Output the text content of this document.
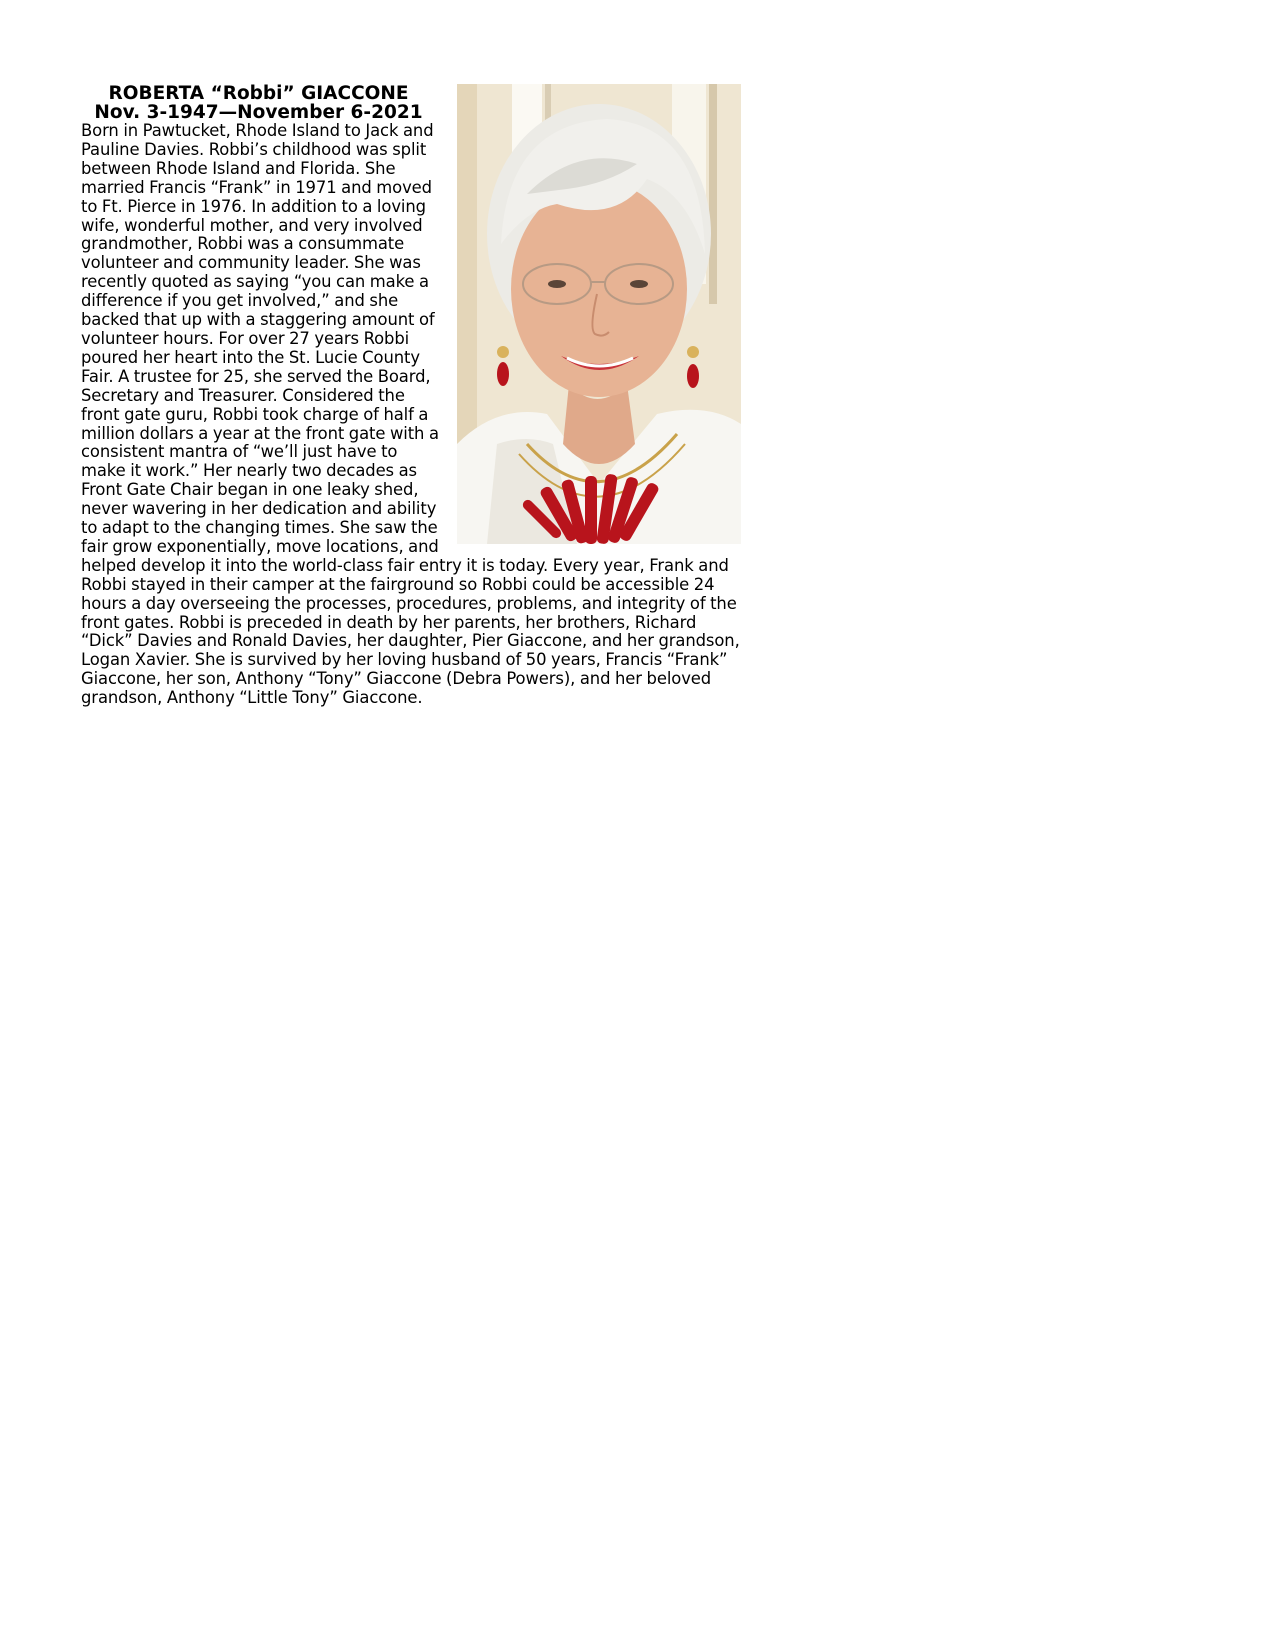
ROBERTA “Robbi” GIACCONE
Nov. 3-1947—November 6-2021

Born in Pawtucket, Rhode Island to Jack and Pauline Davies. Robbi’s childhood was split between Rhode Island and Florida. She married Francis “Frank” in 1971 and moved to Ft. Pierce in 1976. In addition to a loving wife, wonderful mother, and very involved grandmother, Robbi was a consummate volunteer and community leader. She was recently quoted as saying “you can make a difference if you get involved,” and she backed that up with a staggering amount of volunteer hours. For over 27 years Robbi poured her heart into the St. Lucie County Fair. A trustee for 25, she served the Board, Secretary and Treasurer. Considered the front gate guru, Robbi took charge of half a million dollars a year at the front gate with a consistent mantra of “we’ll just have to make it work.” Her nearly two decades as Front Gate Chair began in one leaky shed, never wavering in her dedication and ability to adapt to the changing times. She saw the fair grow exponentially, move locations, and helped develop it into the world-class fair entry it is today. Every year, Frank and Robbi stayed in their camper at the fairground so Robbi could be accessible 24 hours a day overseeing the processes, procedures, problems, and integrity of the front gates. Robbi is preceded in death by her parents, her brothers, Richard “Dick” Davies and Ronald Davies, her daughter, Pier Giaccone, and her grandson, Logan Xavier. She is survived by her loving husband of 50 years, Francis “Frank” Giaccone, her son, Anthony “Tony” Giaccone (Debra Powers), and her beloved grandson, Anthony “Little Tony” Giaccone.
